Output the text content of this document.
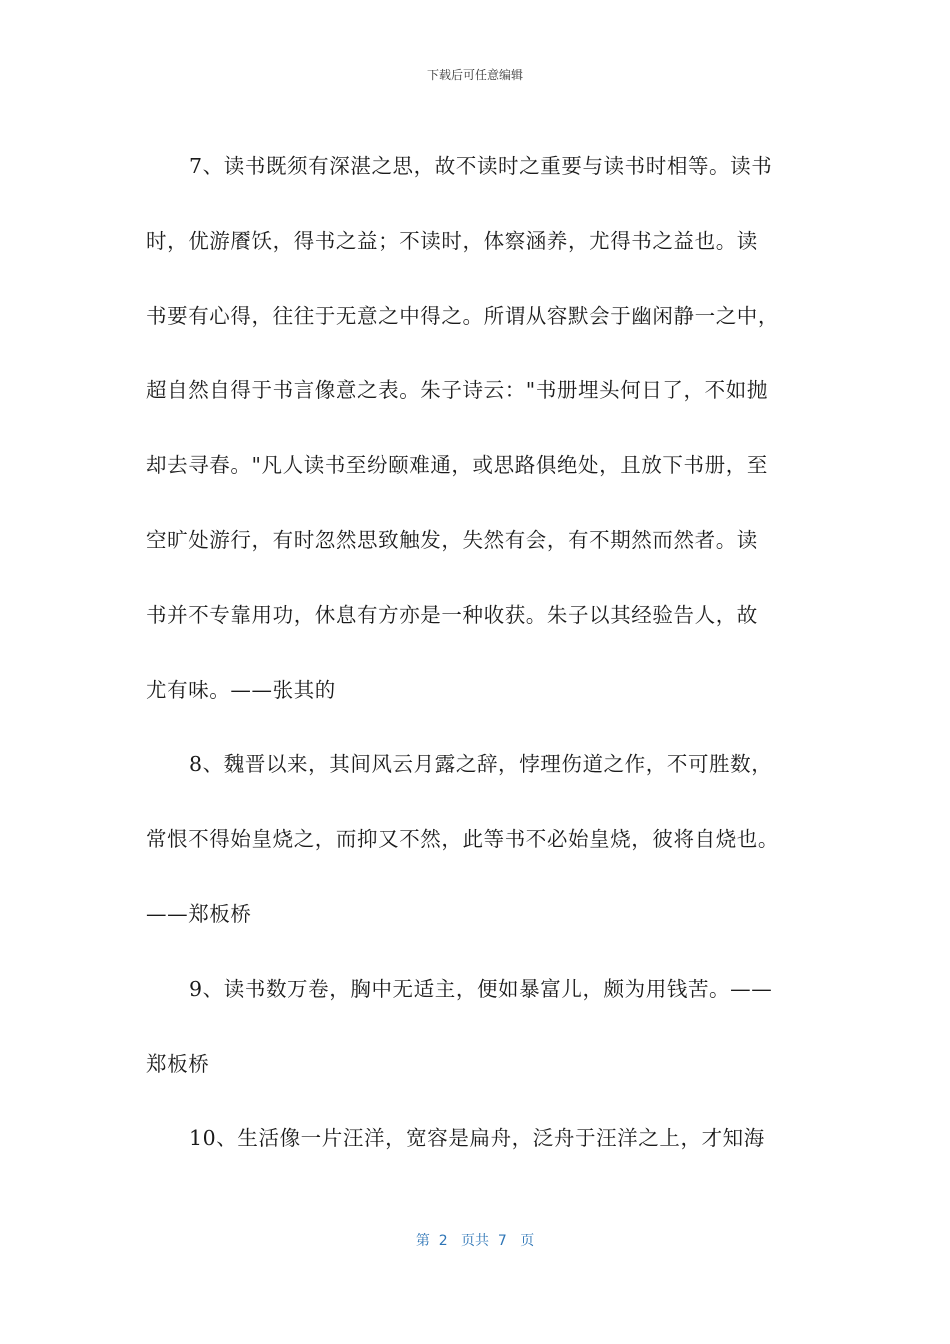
下载后可任意编辑

7、读书既须有深湛之思，故不读时之重要与读书时相等。读书
时，优游餍饫，得书之益；不读时，体察涵养，尤得书之益也。读
书要有心得，往往于无意之中得之。所谓从容默会于幽闲静一之中，
超自然自得于书言像意之表。朱子诗云："书册埋头何日了，不如抛
却去寻春。"凡人读书至纷颐难通，或思路俱绝处，且放下书册，至
空旷处游行，有时忽然思致触发，失然有会，有不期然而然者。读
书并不专靠用功，休息有方亦是一种收获。朱子以其经验告人，故
尤有味。——张其的

8、魏晋以来，其间风云月露之辞，悖理伤道之作，不可胜数，
常恨不得始皇烧之，而抑又不然，此等书不必始皇烧，彼将自烧也。
——郑板桥

9、读书数万卷，胸中无适主，便如暴富儿，颇为用钱苦。——
郑板桥

10、生活像一片汪洋，宽容是扁舟，泛舟于汪洋之上，才知海

第 2 页共 7 页
